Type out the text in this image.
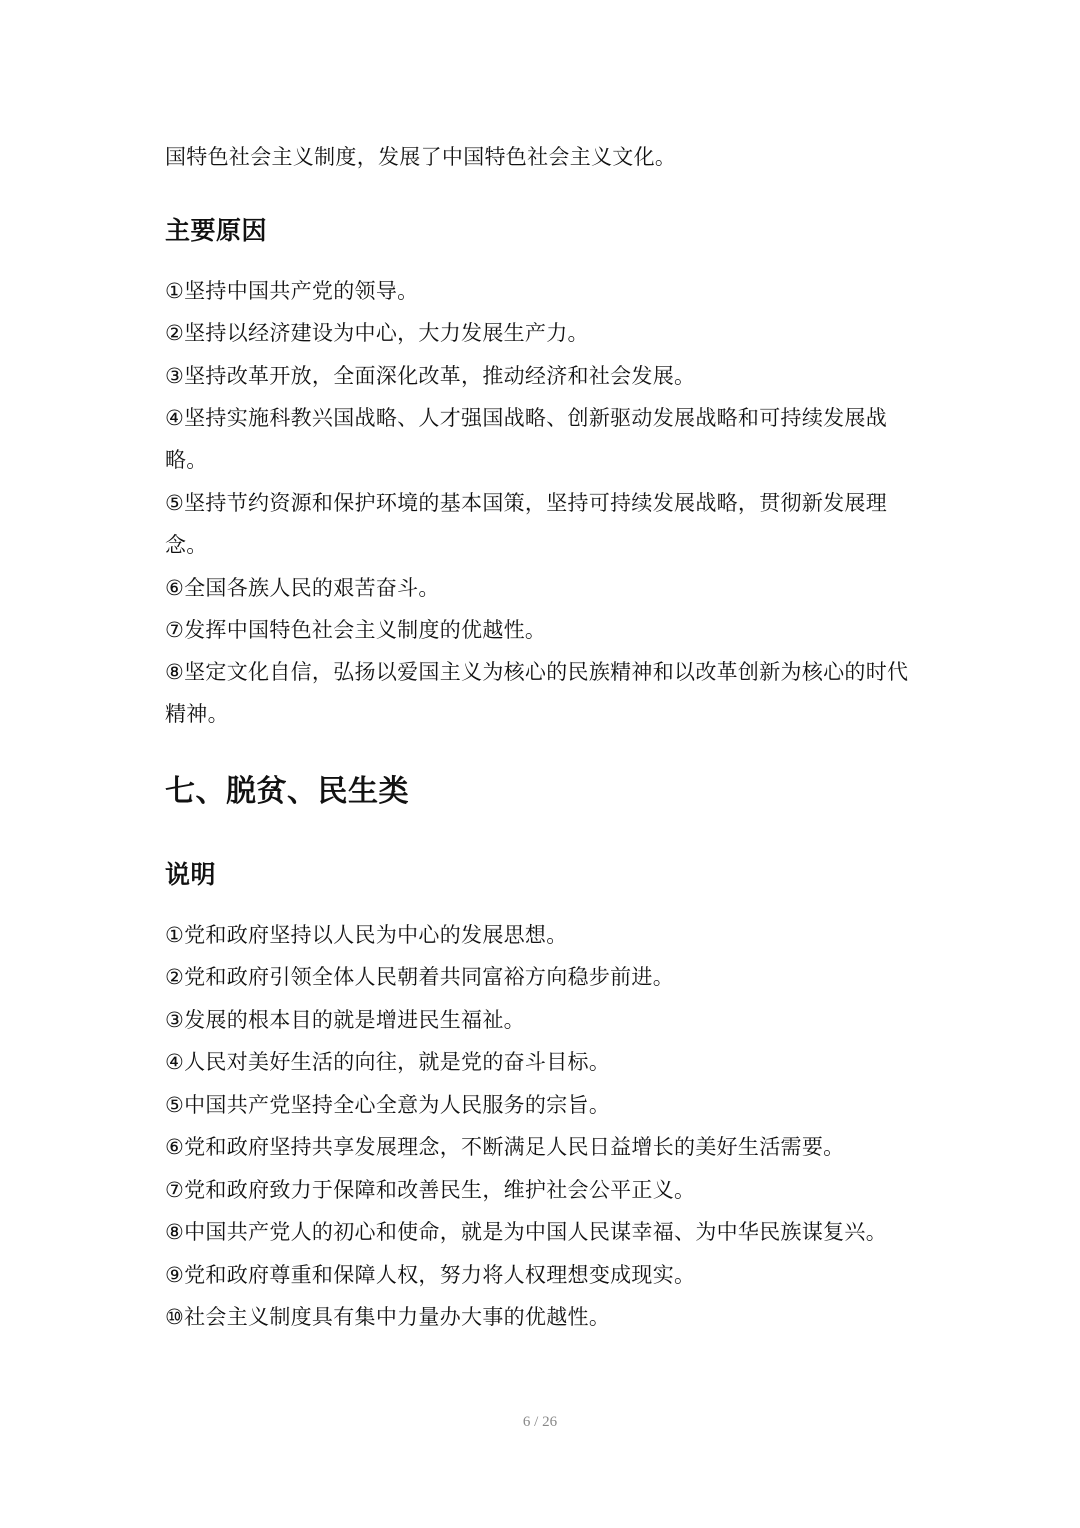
国特色社会主义制度，发展了中国特色社会主义文化。
主要原因
①坚持中国共产党的领导。
②坚持以经济建设为中心，大力发展生产力。
③坚持改革开放，全面深化改革，推动经济和社会发展。
④坚持实施科教兴国战略、人才强国战略、创新驱动发展战略和可持续发展战略。
⑤坚持节约资源和保护环境的基本国策，坚持可持续发展战略，贯彻新发展理念。
⑥全国各族人民的艰苦奋斗。
⑦发挥中国特色社会主义制度的优越性。
⑧坚定文化自信，弘扬以爱国主义为核心的民族精神和以改革创新为核心的时代精神。
七、脱贫、民生类
说明
①党和政府坚持以人民为中心的发展思想。
②党和政府引领全体人民朝着共同富裕方向稳步前进。
③发展的根本目的就是增进民生福祉。
④人民对美好生活的向往，就是党的奋斗目标。
⑤中国共产党坚持全心全意为人民服务的宗旨。
⑥党和政府坚持共享发展理念，不断满足人民日益增长的美好生活需要。
⑦党和政府致力于保障和改善民生，维护社会公平正义。
⑧中国共产党人的初心和使命，就是为中国人民谋幸福、为中华民族谋复兴。
⑨党和政府尊重和保障人权，努力将人权理想变成现实。
⑩社会主义制度具有集中力量办大事的优越性。
6 / 26
